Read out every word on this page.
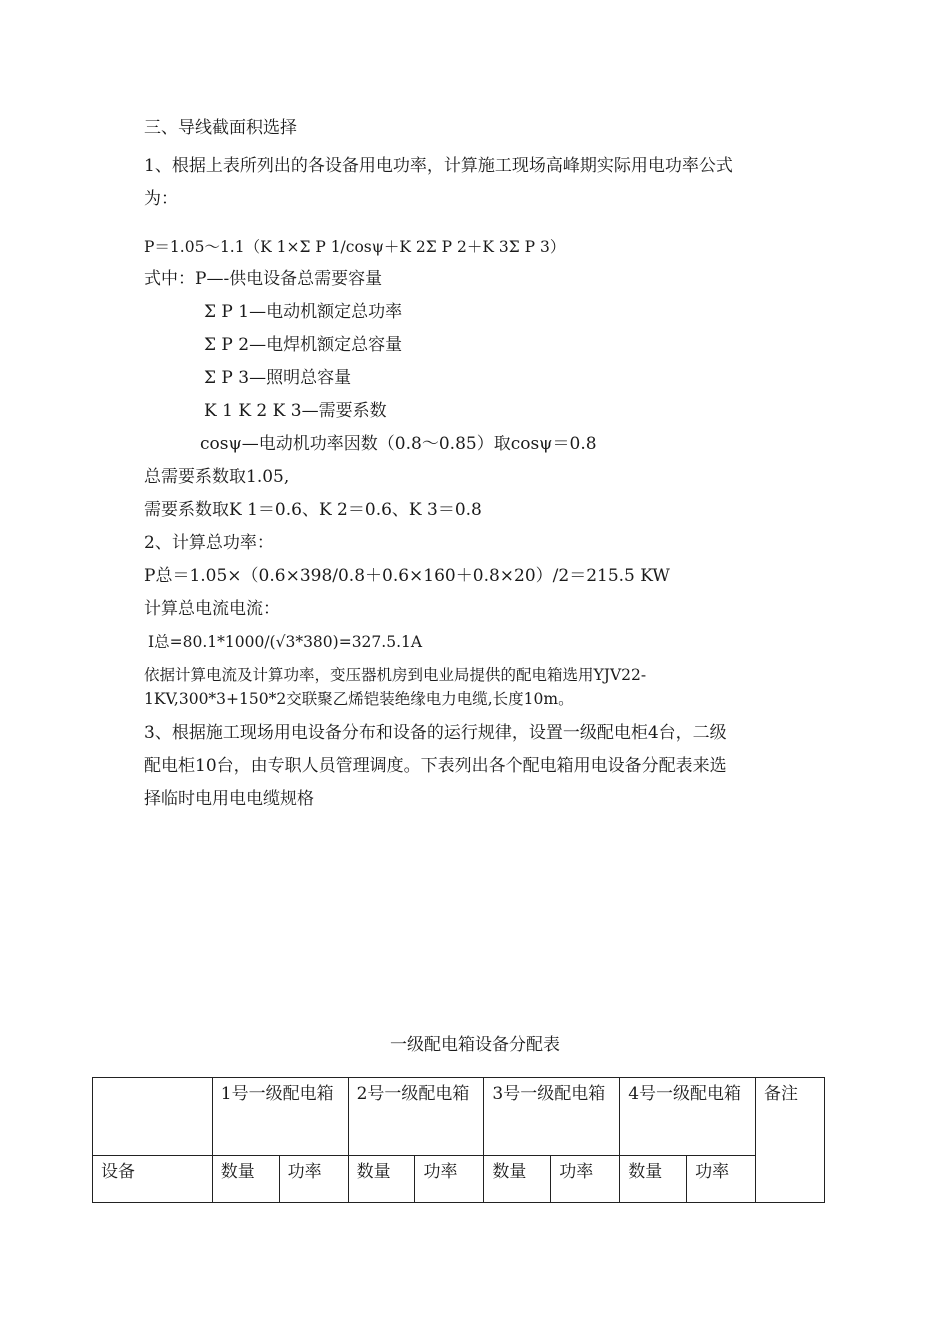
三、导线截面积选择
1、根据上表所列出的各设备用电功率，计算施工现场高峰期实际用电功率公式
为：
P＝1.05～1.1（K 1×Σ P 1/cosψ＋K 2Σ P 2＋K 3Σ P 3）
式中：P—-供电设备总需要容量
Σ P 1—电动机额定总功率
Σ P 2—电焊机额定总容量
Σ P 3—照明总容量
K 1 K 2 K 3—需要系数
cosψ—电动机功率因数（0.8～0.85）取cosψ＝0.8
总需要系数取1.05,
需要系数取K 1＝0.6、K 2＝0.6、K 3＝0.8
2、计算总功率：
P总＝1.05×（0.6×398/0.8＋0.6×160＋0.8×20）/2＝215.5 KW
计算总电流电流：
I总=80.1*1000/(√3*380)=327.5.1A
依据计算电流及计算功率，变压器机房到电业局提供的配电箱选用YJV22-
1KV,300*3+150*2交联聚乙烯铠装绝缘电力电缆,长度10m。
3、根据施工现场用电设备分布和设备的运行规律，设置一级配电柜4台，二级
配电柜10台，由专职人员管理调度。下表列出各个配电箱用电设备分配表来选
择临时电用电电缆规格
一级配电箱设备分配表
	1号一级配电箱		2号一级配电箱		3号一级配电箱		4号一级配电箱		备注
设备	数量	功率	数量	功率	数量	功率	数量	功率	
